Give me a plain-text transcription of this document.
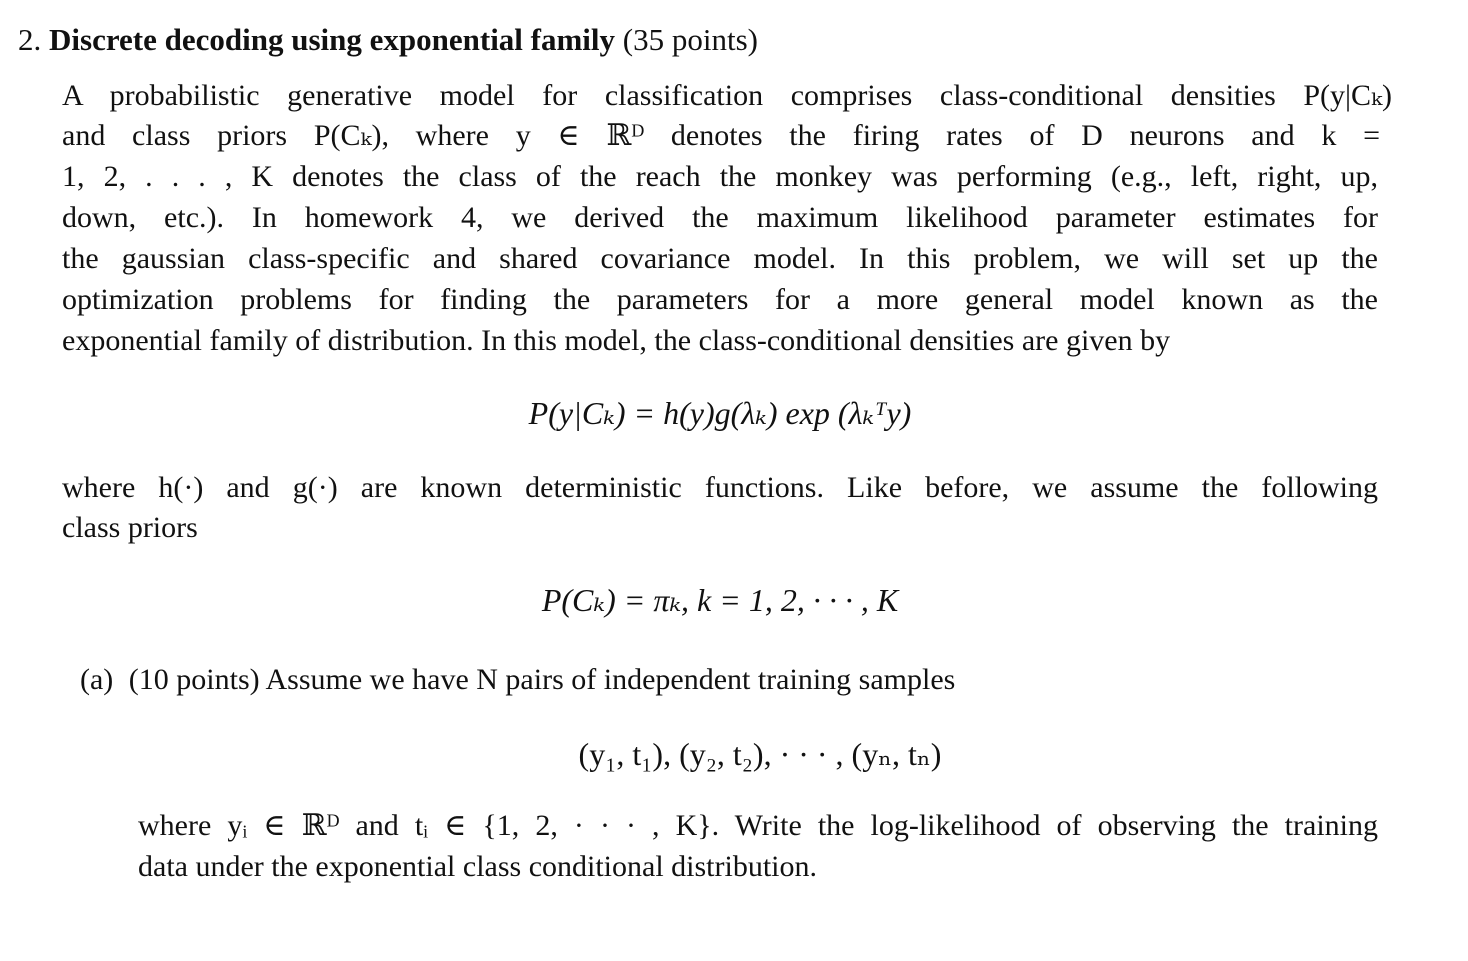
2. Discrete decoding using exponential family (35 points)
A probabilistic generative model for classification comprises class-conditional densities P(y|Cₖ)
and class priors P(Cₖ), where y ∈ ℝᴰ denotes the firing rates of D neurons and k =
1, 2, . . . , K denotes the class of the reach the monkey was performing (e.g., left, right, up,
down, etc.). In homework 4, we derived the maximum likelihood parameter estimates for
the gaussian class-specific and shared covariance model. In this problem, we will set up the
optimization problems for finding the parameters for a more general model known as the
exponential family of distribution. In this model, the class-conditional densities are given by
P(y|Cₖ) = h(y)g(λₖ) exp (λₖᵀy)
where h(·) and g(·) are known deterministic functions. Like before, we assume the following
class priors
P(Cₖ) = πₖ, k = 1, 2, · · · , K
(a) (10 points) Assume we have N pairs of independent training samples
(y₁, t₁), (y₂, t₂), · · · , (yₙ, tₙ)
where yᵢ ∈ ℝᴰ and tᵢ ∈ {1, 2, · · · , K}. Write the log-likelihood of observing the training
data under the exponential class conditional distribution.
